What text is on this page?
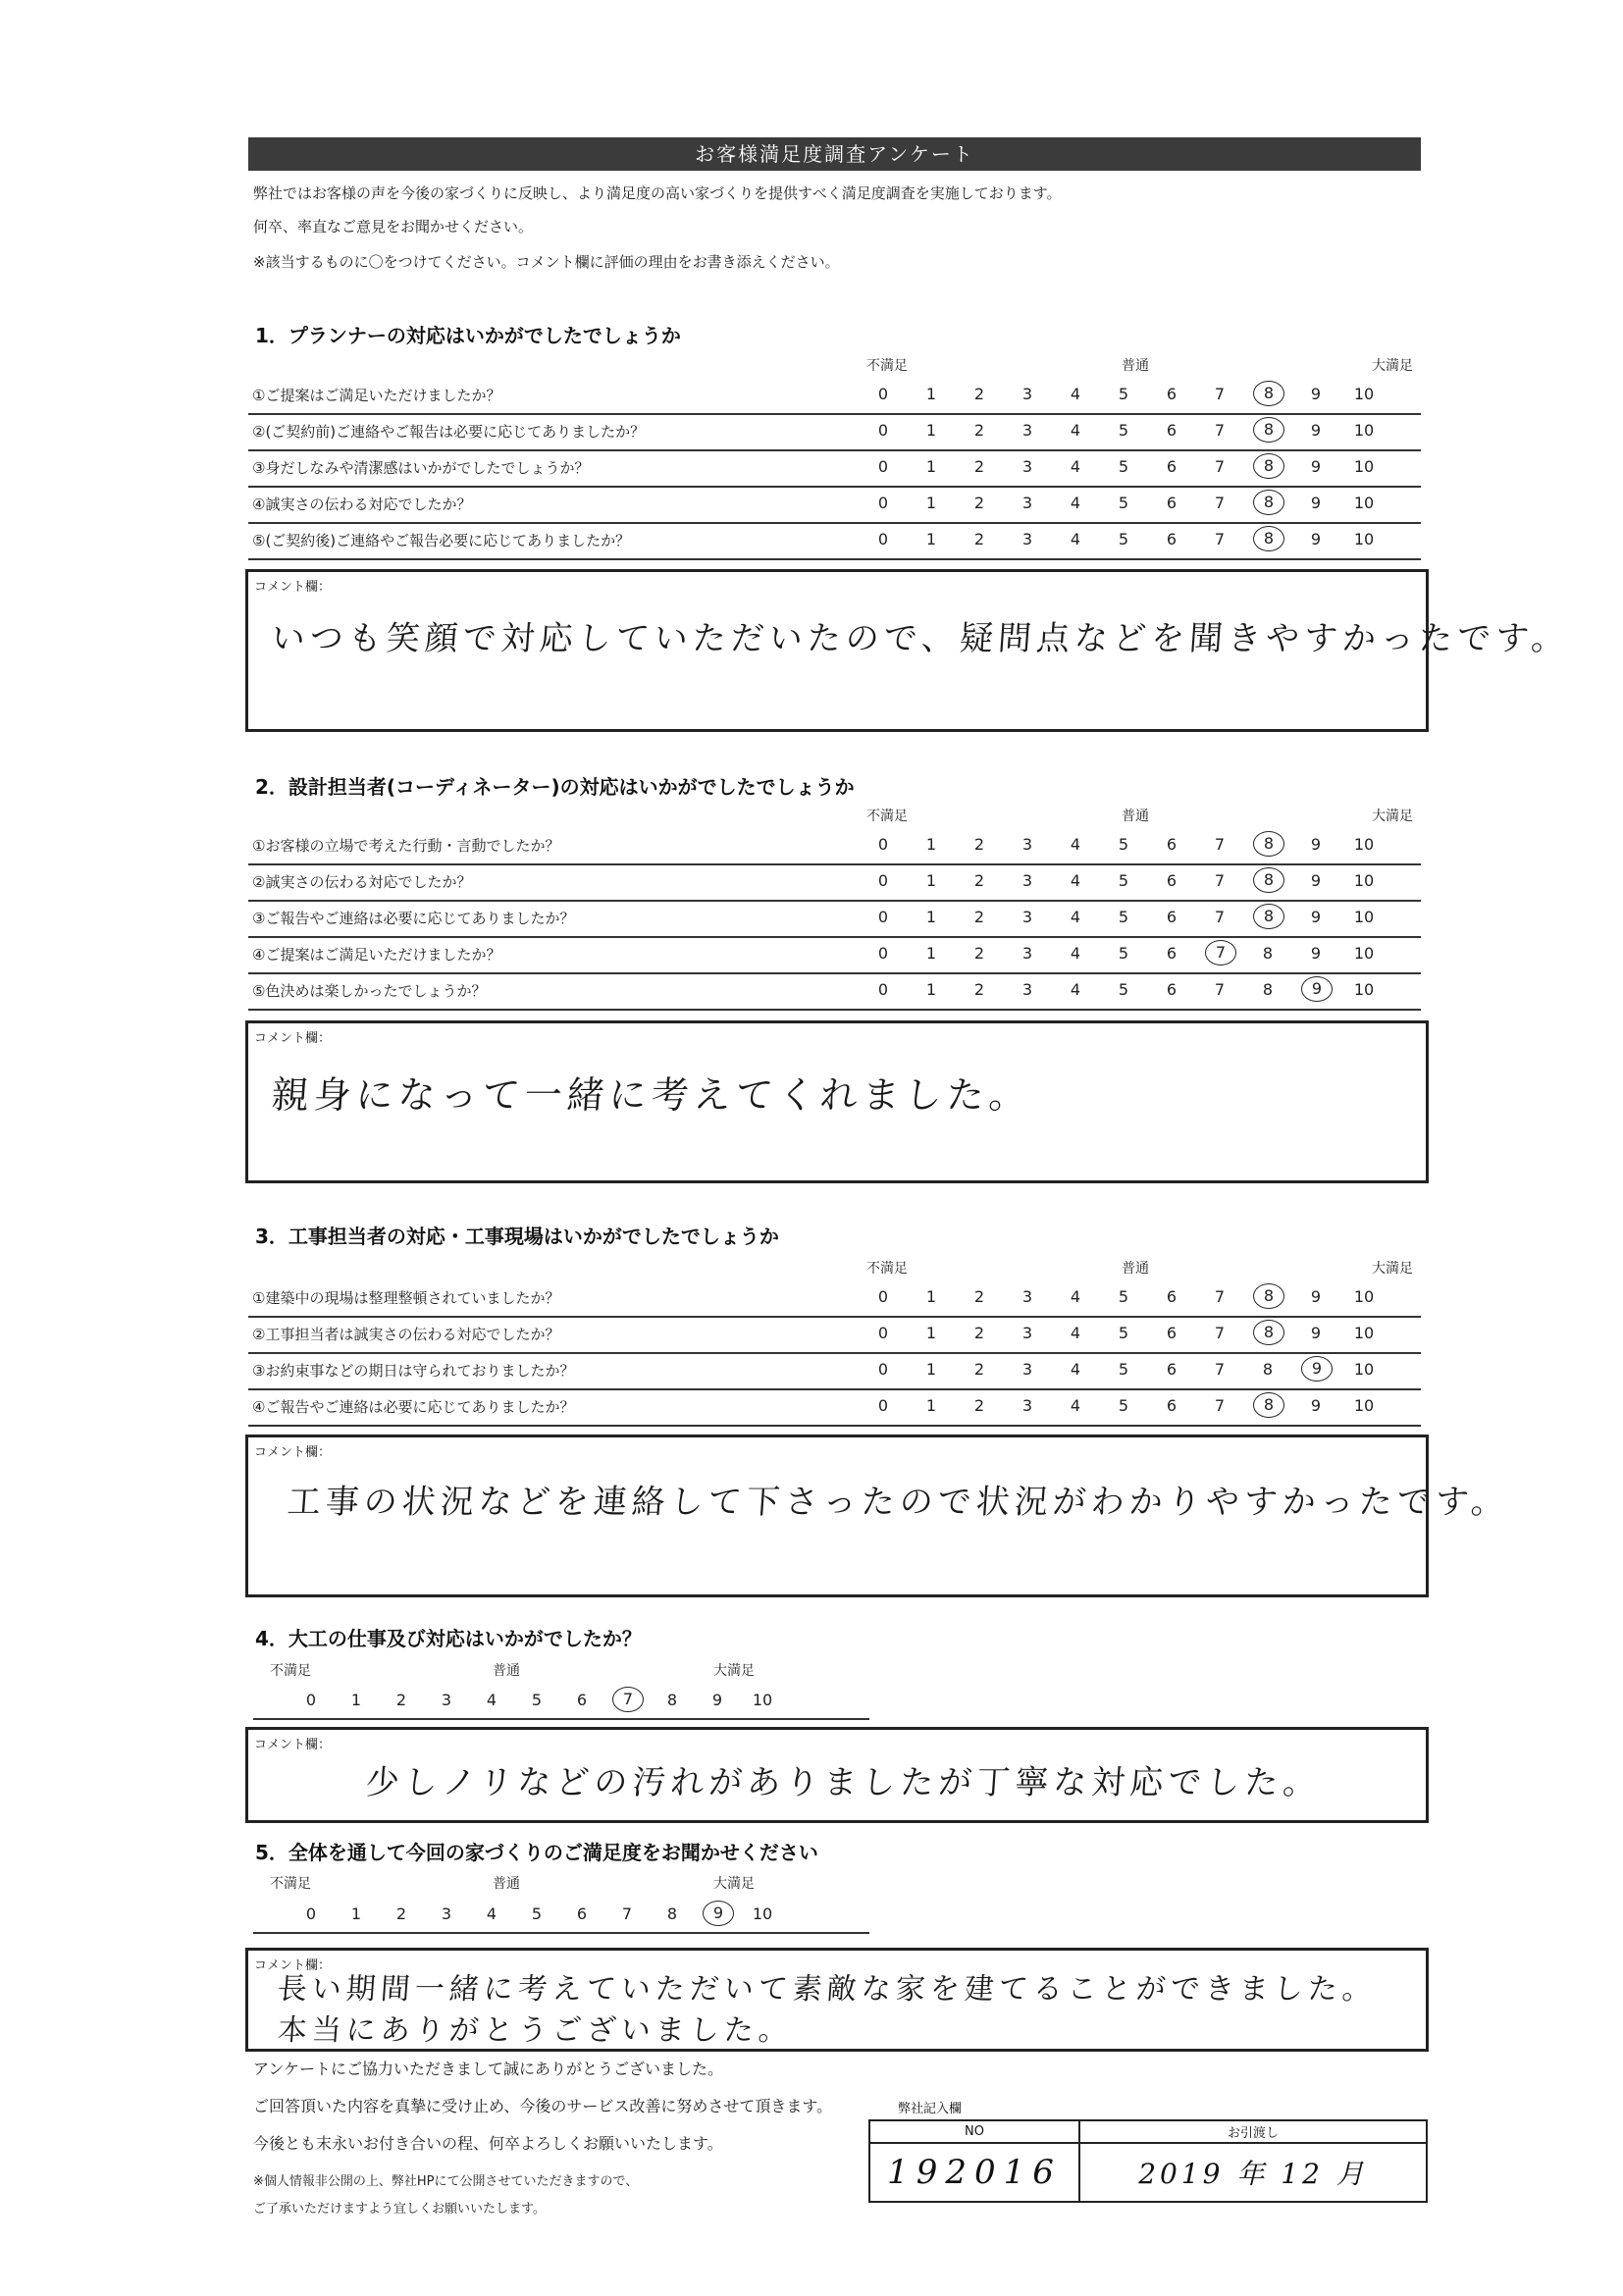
お客様満足度調査アンケート
弊社ではお客様の声を今後の家づくりに反映し、より満足度の高い家づくりを提供すべく満足度調査を実施しております。
何卒、率直なご意見をお聞かせください。
※該当するものに〇をつけてください。コメント欄に評価の理由をお書き添えください。
1．プランナーの対応はいかがでしたでしょうか
不満足	普通	大満足
①ご提案はご満足いただけましたか？	0	1	2	3	4	5	6	7	8	9	10
②(ご契約前)ご連絡やご報告は必要に応じてありましたか？	0	1	2	3	4	5	6	7	8	9	10
③身だしなみや清潔感はいかがでしたでしょうか？	0	1	2	3	4	5	6	7	8	9	10
④誠実さの伝わる対応でしたか？	0	1	2	3	4	5	6	7	8	9	10
⑤(ご契約後)ご連絡やご報告必要に応じてありましたか？	0	1	2	3	4	5	6	7	8	9	10
コメント欄：
いつも笑顔で対応していただいたので、疑問点などを聞きやすかったです。
2．設計担当者(コーディネーター)の対応はいかがでしたでしょうか
不満足	普通	大満足
①お客様の立場で考えた行動・言動でしたか？	0	1	2	3	4	5	6	7	8	9	10
②誠実さの伝わる対応でしたか？	0	1	2	3	4	5	6	7	8	9	10
③ご報告やご連絡は必要に応じてありましたか？	0	1	2	3	4	5	6	7	8	9	10
④ご提案はご満足いただけましたか？	0	1	2	3	4	5	6	7	8	9	10
⑤色決めは楽しかったでしょうか？	0	1	2	3	4	5	6	7	8	9	10
コメント欄：
親身になって一緒に考えてくれました。
3．工事担当者の対応・工事現場はいかがでしたでしょうか
不満足	普通	大満足
①建築中の現場は整理整頓されていましたか？	0	1	2	3	4	5	6	7	8	9	10
②工事担当者は誠実さの伝わる対応でしたか？	0	1	2	3	4	5	6	7	8	9	10
③お約束事などの期日は守られておりましたか？	0	1	2	3	4	5	6	7	8	9	10
④ご報告やご連絡は必要に応じてありましたか？	0	1	2	3	4	5	6	7	8	9	10
コメント欄：
工事の状況などを連絡して下さったので状況がわかりやすかったです。
4．大工の仕事及び対応はいかがでしたか？
不満足	普通	大満足
0	1	2	3	4	5	6	7	8	9	10
コメント欄：
少しノリなどの汚れがありましたが丁寧な対応でした。
5．全体を通して今回の家づくりのご満足度をお聞かせください
不満足	普通	大満足
0	1	2	3	4	5	6	7	8	9	10
コメント欄：
長い期間一緒に考えていただいて素敵な家を建てることができました。
本当にありがとうございました。
アンケートにご協力いただきまして誠にありがとうございました。
ご回答頂いた内容を真摯に受け止め、今後のサービス改善に努めさせて頂きます。
今後とも末永いお付き合いの程、何卒よろしくお願いいたします。
※個人情報非公開の上、弊社HPにて公開させていただきますので、
ご了承いただけますよう宜しくお願いいたします。
弊社記入欄
NO	お引渡し
192016	2019 年 12 月
